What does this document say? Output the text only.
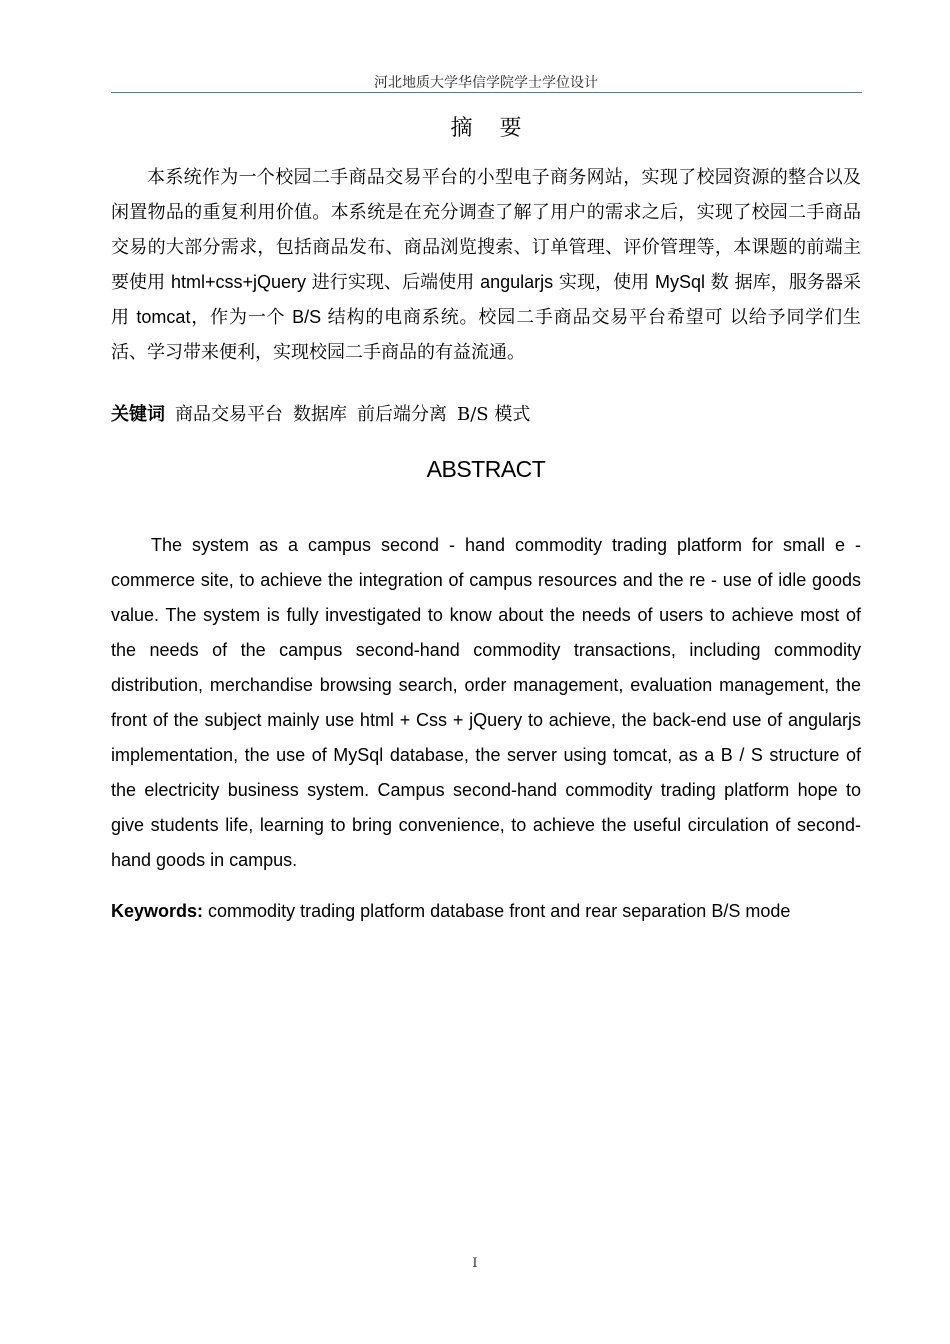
河北地质大学华信学院学士学位设计
摘 要

本系统作为一个校园二手商品交易平台的小型电子商务网站，实现了校园资源的整合以及闲置物品的重复利用价值。本系统是在充分调查了解了用户的需求之后，实现了校园二手商品交易的大部分需求，包括商品发布、商品浏览搜索、订单管理、评价管理等，本课题的前端主要使用 html+css+jQuery 进行实现、后端使用 angularjs 实现，使用 MySql 数 据库，服务器采用 tomcat，作为一个 B/S 结构的电商系统。校园二手商品交易平台希望可 以给予同学们生活、学习带来便利，实现校园二手商品的有益流通。

关键词 商品交易平台 数据库 前后端分离 B/S 模式
ABSTRACT

The system as a campus second - hand commodity trading platform for small e - commerce site, to achieve the integration of campus resources and the re - use of idle goods value. The system is fully investigated to know about the needs of users to achieve most of the needs of the campus second-hand commodity transactions, including commodity distribution, merchandise browsing search, order management, evaluation management, the front of the subject mainly use html + Css + jQuery to achieve, the back-end use of angularjs implementation, the use of MySql database, the server using tomcat, as a B / S structure of the electricity business system. Campus second-hand commodity trading platform hope to give students life, learning to bring convenience, to achieve the useful circulation of second-hand goods in campus.

Keywords: commodity trading platform database front and rear separation B/S mode
I
